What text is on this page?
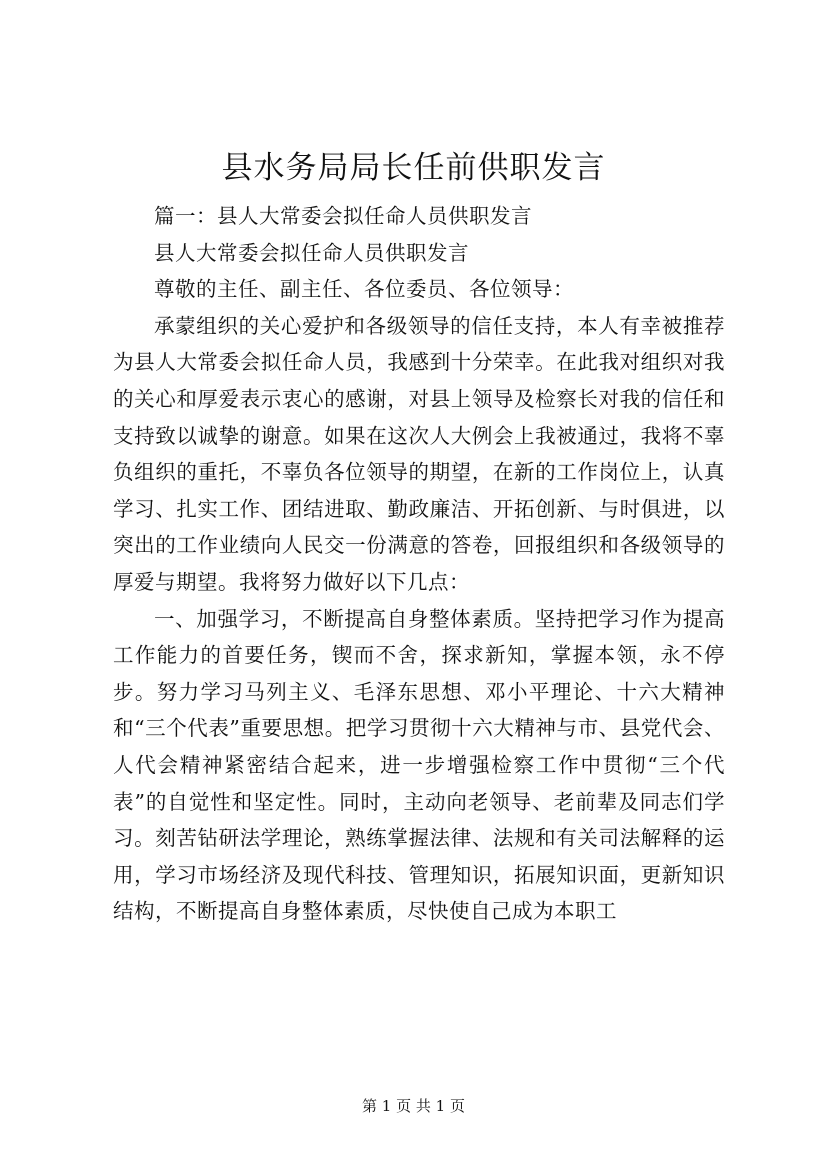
县水务局局长任前供职发言

篇一：县人大常委会拟任命人员供职发言

县人大常委会拟任命人员供职发言

尊敬的主任、副主任、各位委员、各位领导：

承蒙组织的关心爱护和各级领导的信任支持，本人有幸被推荐为县人大常委会拟任命人员，我感到十分荣幸。在此我对组织对我的关心和厚爱表示衷心的感谢，对县上领导及检察长对我的信任和支持致以诚挚的谢意。如果在这次人大例会上我被通过，我将不辜负组织的重托，不辜负各位领导的期望，在新的工作岗位上，认真学习、扎实工作、团结进取、勤政廉洁、开拓创新、与时俱进，以突出的工作业绩向人民交一份满意的答卷，回报组织和各级领导的厚爱与期望。我将努力做好以下几点：

一、加强学习，不断提高自身整体素质。坚持把学习作为提高工作能力的首要任务，锲而不舍，探求新知，掌握本领，永不停步。努力学习马列主义、毛泽东思想、邓小平理论、十六大精神和“三个代表”重要思想。把学习贯彻十六大精神与市、县党代会、人代会精神紧密结合起来，进一步增强检察工作中贯彻“三个代表”的自觉性和坚定性。同时，主动向老领导、老前辈及同志们学习。刻苦钻研法学理论，熟练掌握法律、法规和有关司法解释的运用，学习市场经济及现代科技、管理知识，拓展知识面，更新知识结构，不断提高自身整体素质，尽快使自己成为本职工

第 1 页 共 1 页
